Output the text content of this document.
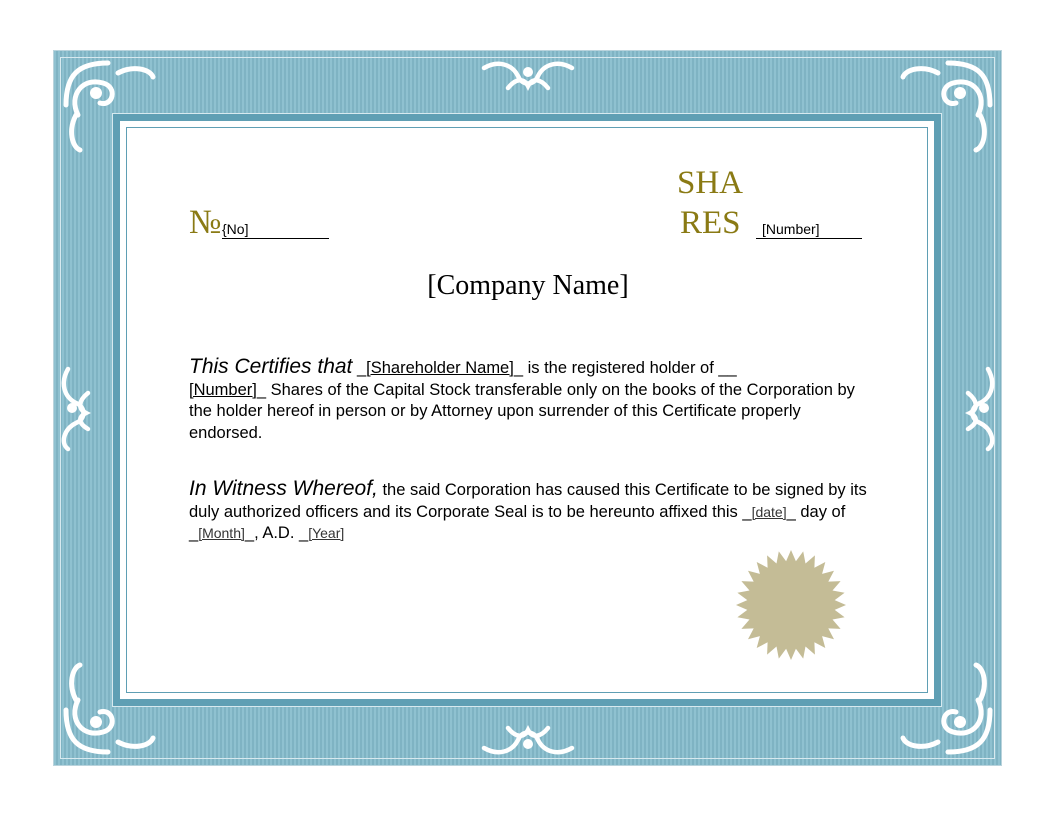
№ {No]
SHA
RES	[Number]
[Company Name]
This Certifies that _[Shareholder Name]_ is the registered holder of __
[Number]_ Shares of the Capital Stock transferable only on the books of the Corporation by the holder hereof in person or by Attorney upon surrender of this Certificate properly endorsed.
In Witness Whereof, the said Corporation has caused this Certificate to be signed by its duly authorized officers and its Corporate Seal is to be hereunto affixed this _[date]_ day of _[Month]_, A.D. _[Year]
